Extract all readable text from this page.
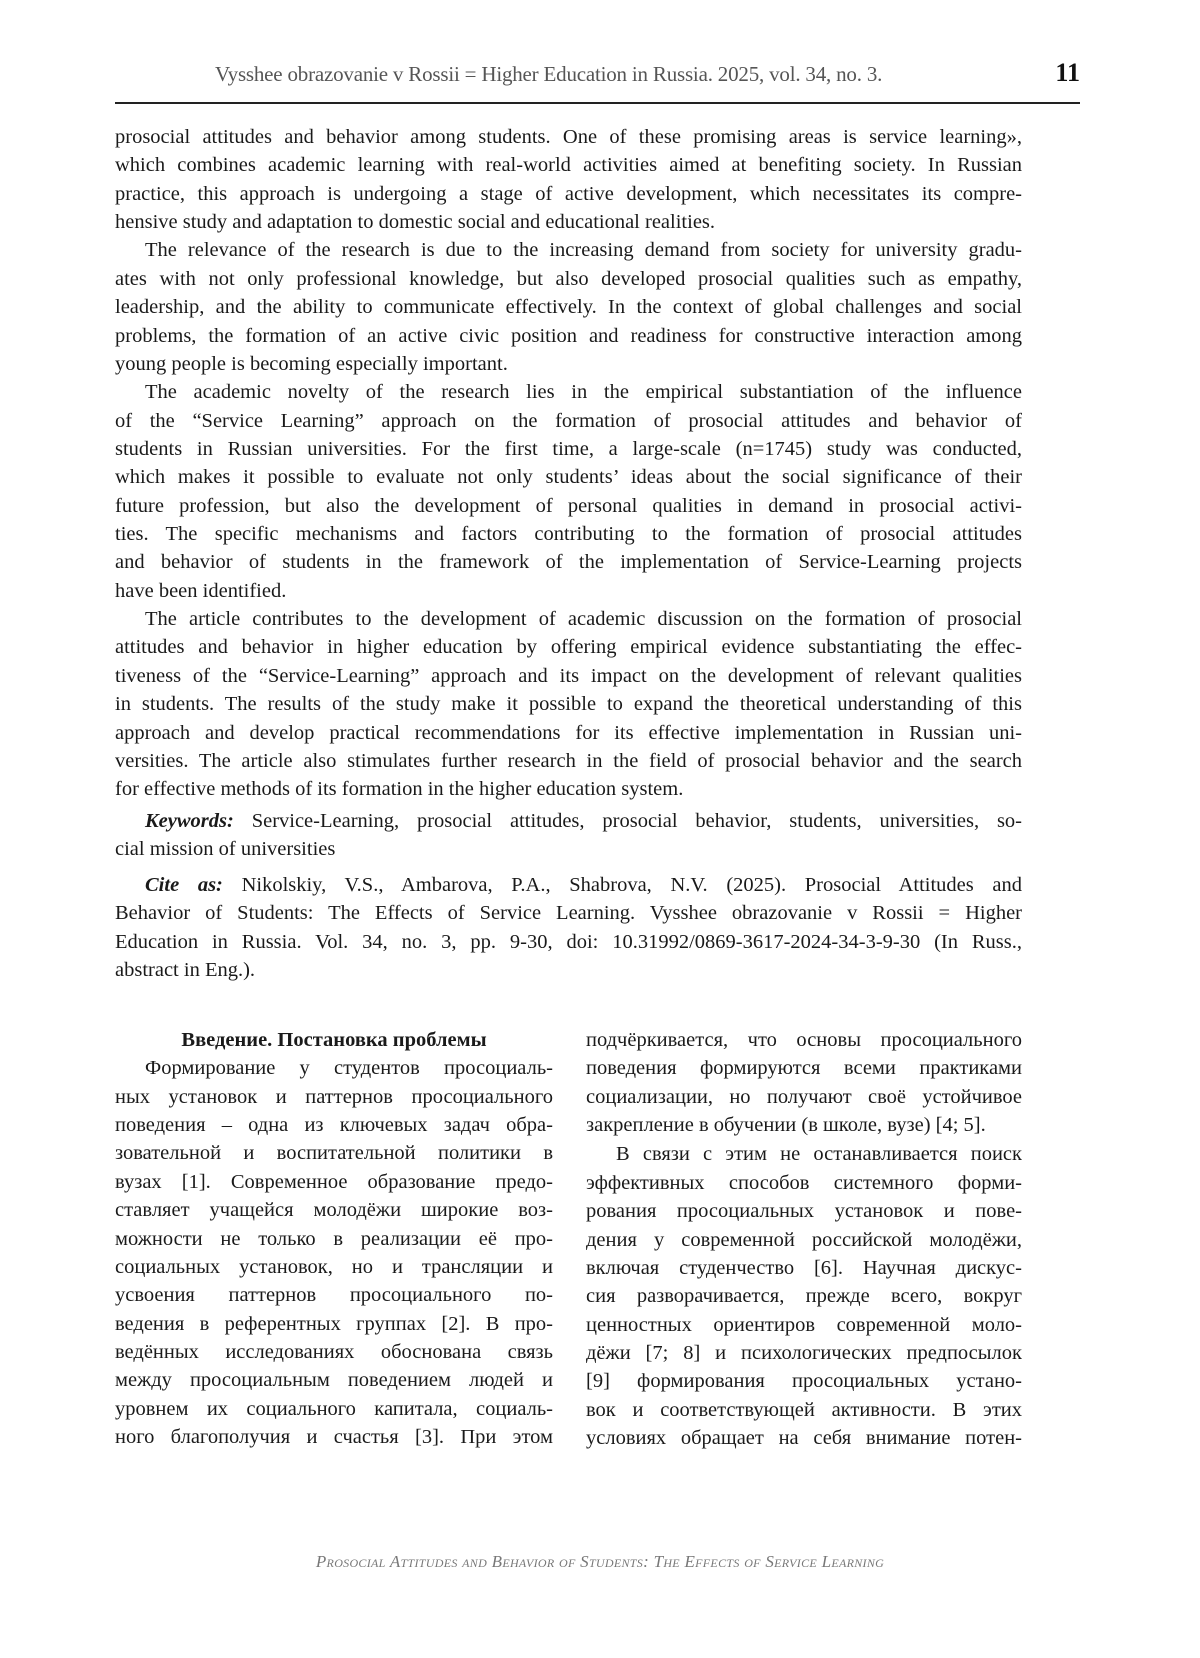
Vysshee obrazovanie v Rossii = Higher Education in Russia. 2025, vol. 34, no. 3.	11
prosocial attitudes and behavior among students. One of these promising areas is service learning»,
which combines academic learning with real-world activities aimed at benefiting society. In Russian
practice, this approach is undergoing a stage of active development, which necessitates its compre-
hensive study and adaptation to domestic social and educational realities.
The relevance of the research is due to the increasing demand from society for university gradu-
ates with not only professional knowledge, but also developed prosocial qualities such as empathy,
leadership, and the ability to communicate effectively. In the context of global challenges and social
problems, the formation of an active civic position and readiness for constructive interaction among
young people is becoming especially important.
The academic novelty of the research lies in the empirical substantiation of the influence
of the “Service Learning” approach on the formation of prosocial attitudes and behavior of
students in Russian universities. For the first time, a large-scale (n=1745) study was conducted,
which makes it possible to evaluate not only students’ ideas about the social significance of their
future profession, but also the development of personal qualities in demand in prosocial activi-
ties. The specific mechanisms and factors contributing to the formation of prosocial attitudes
and behavior of students in the framework of the implementation of Service-Learning projects
have been identified.
The article contributes to the development of academic discussion on the formation of prosocial
attitudes and behavior in higher education by offering empirical evidence substantiating the effec-
tiveness of the “Service-Learning” approach and its impact on the development of relevant qualities
in students. The results of the study make it possible to expand the theoretical understanding of this
approach and develop practical recommendations for its effective implementation in Russian uni-
versities. The article also stimulates further research in the field of prosocial behavior and the search
for effective methods of its formation in the higher education system.
Keywords: Service-Learning, prosocial attitudes, prosocial behavior, students, universities, so-
cial mission of universities
Cite as: Nikolskiy, V.S., Ambarova, P.A., Shabrova, N.V. (2025). Prosocial Attitudes and
Behavior of Students: The Effects of Service Learning. Vysshee obrazovanie v Rossii = Higher
Education in Russia. Vol. 34, no. 3, pp. 9-30, doi: 10.31992/0869-3617-2024-34-3-9-30 (In Russ.,
abstract in Eng.).
Введение. Постановка проблемы
Формирование у студентов просоциаль-
ных установок и паттернов просоциального
поведения – одна из ключевых задач обра-
зовательной и воспитательной политики в
вузах [1]. Современное образование предо-
ставляет учащейся молодёжи широкие воз-
можности не только в реализации её про-
социальных установок, но и трансляции и
усвоения паттернов просоциального по-
ведения в референтных группах [2]. В про-
ведённых исследованиях обоснована связь
между просоциальным поведением людей и
уровнем их социального капитала, социаль-
ного благополучия и счастья [3]. При этом
подчёркивается, что основы просоциального
поведения формируются всеми практиками
социализации, но получают своё устойчивое
закрепление в обучении (в школе, вузе) [4; 5].
В связи с этим не останавливается поиск
эффективных способов системного форми-
рования просоциальных установок и пове-
дения у современной российской молодёжи,
включая студенчество [6]. Научная дискус-
сия разворачивается, прежде всего, вокруг
ценностных ориентиров современной моло-
дёжи [7; 8] и психологических предпосылок
[9] формирования просоциальных устано-
вок и соответствующей активности. В этих
условиях обращает на себя внимание потен-
Prosocial Attitudes and Behavior of Students: The Effects of Service Learning
